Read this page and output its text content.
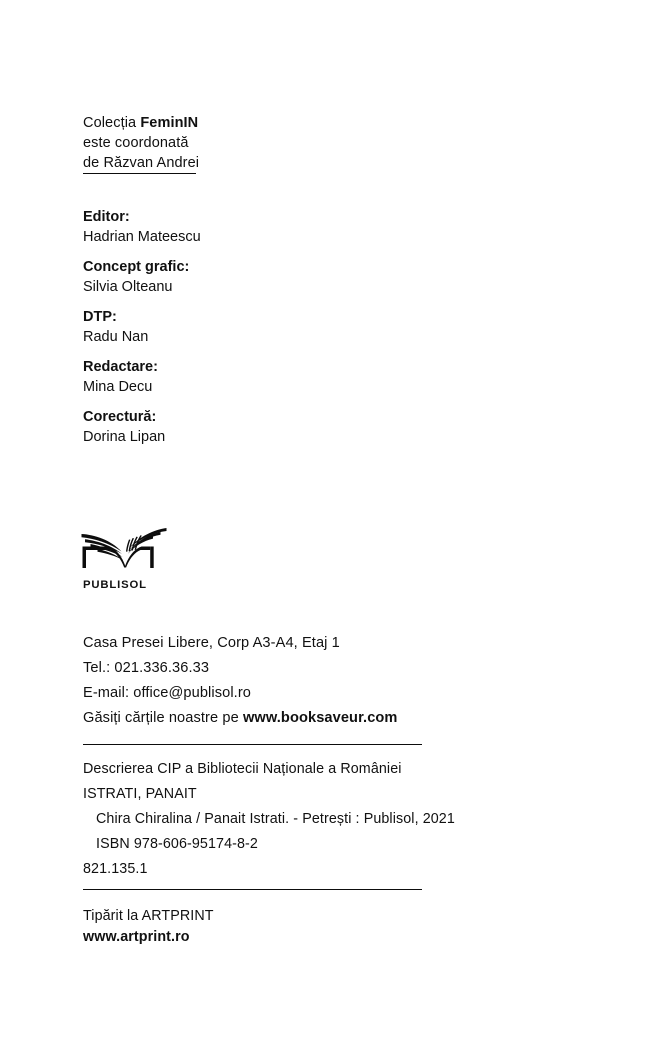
Colecția FeminIN
este coordonată
de Răzvan Andrei
Editor:
Hadrian Mateescu
Concept grafic:
Silvia Olteanu
DTP:
Radu Nan
Redactare:
Mina Decu
Corectură:
Dorina Lipan
PUBLISOL
Casa Presei Libere, Corp A3-A4, Etaj 1
Tel.: 021.336.36.33
E-mail: office@publisol.ro
Găsiți cărțile noastre pe www.booksaveur.com
Descrierea CIP a Bibliotecii Naționale a României
ISTRATI, PANAIT
Chira Chiralina / Panait Istrati. - Petrești : Publisol, 2021
ISBN 978-606-95174-8-2
821.135.1
Tipărit la ARTPRINT
www.artprint.ro
